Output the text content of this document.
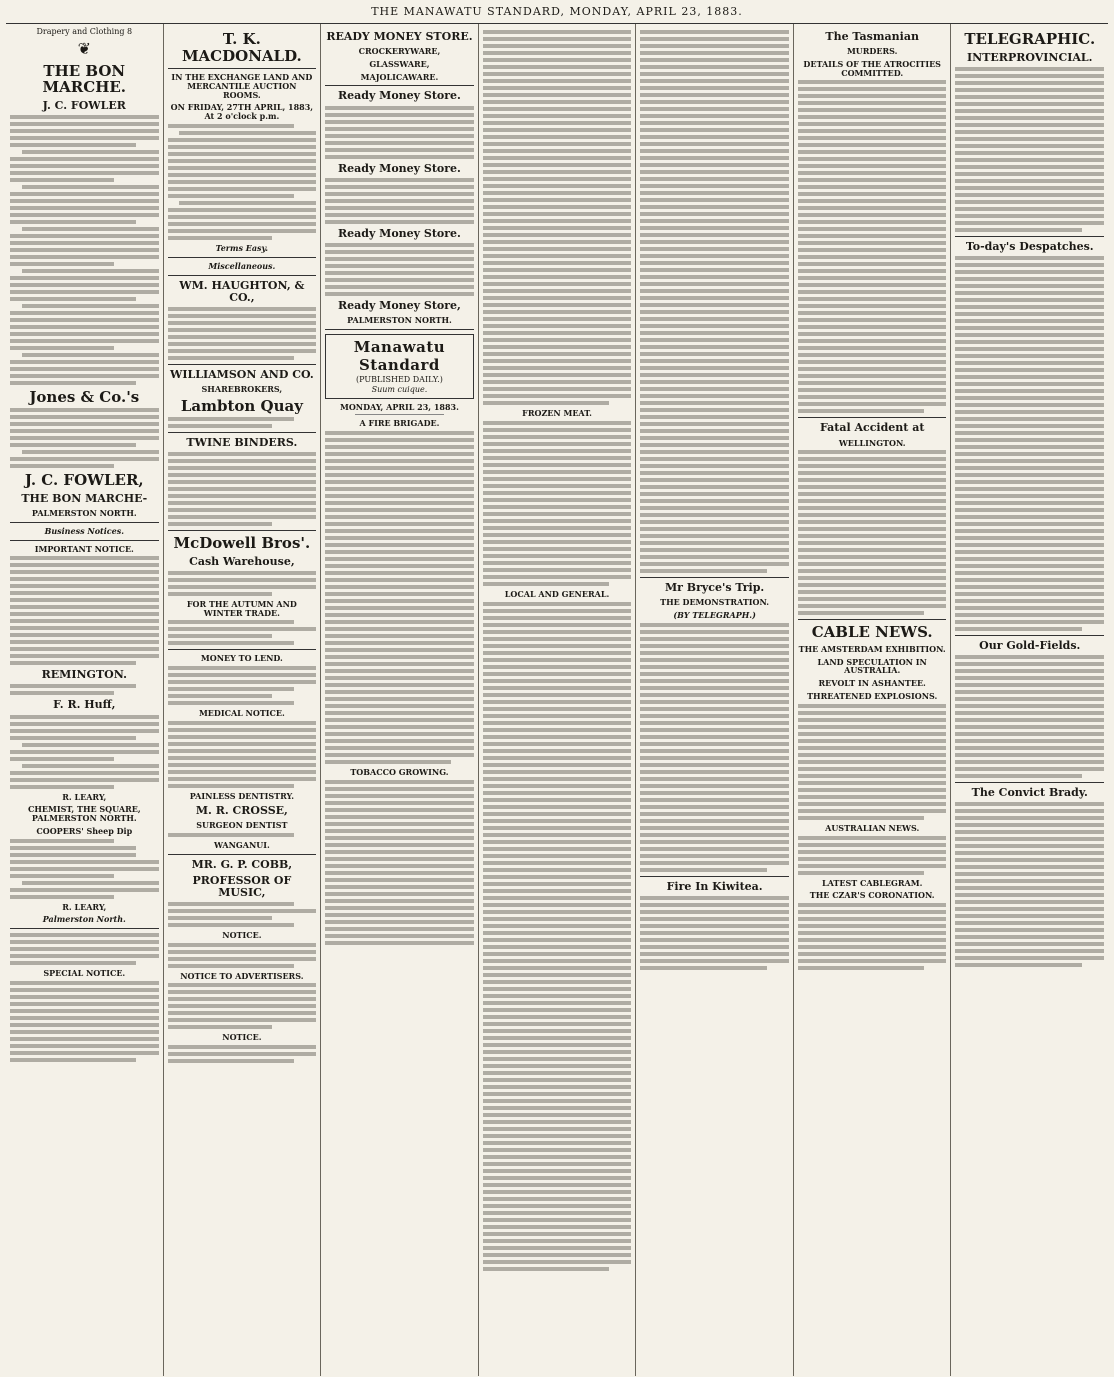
THE MANAWATU STANDARD, MONDAY, APRIL 23, 1883.
Drapery and Clothing 8
❦
THE BON MARCHE.
J. C. FOWLER
Jones & Co.'s
J. C. FOWLER,
THE BON MARCHE-
PALMERSTON NORTH.
Business Notices.
IMPORTANT NOTICE.
REMINGTON.
F. R. Huff,
R. LEARY,
CHEMIST, THE SQUARE, PALMERSTON NORTH.
COOPERS' Sheep Dip
R. LEARY,
Palmerston North.
SPECIAL NOTICE.
T. K. MACDONALD.
IN THE EXCHANGE LAND AND MERCANTILE AUCTION ROOMS.
ON FRIDAY, 27TH APRIL, 1883, At 2 o'clock p.m.
Terms Easy.
Miscellaneous.
WM. HAUGHTON, & CO.,
WILLIAMSON AND CO.
SHAREBROKERS,
Lambton Quay
TWINE BINDERS.
McDowell Bros'.
Cash Warehouse,
FOR THE AUTUMN AND WINTER TRADE.
MONEY TO LEND.
MEDICAL NOTICE.
PAINLESS DENTISTRY.
M. R. CROSSE,
SURGEON DENTIST
WANGANUI.
MR. G. P. COBB,
PROFESSOR OF MUSIC,
NOTICE.
NOTICE TO ADVERTISERS.
NOTICE.
READY MONEY STORE.
CROCKERYWARE,
GLASSWARE,
MAJOLICAWARE.
Ready Money Store.
Ready Money Store.
Ready Money Store.
Ready Money Store,
PALMERSTON NORTH.
Manawatu Standard
(PUBLISHED DAILY.)
Suum cuique.
MONDAY, APRIL 23, 1883.
A FIRE BRIGADE.
TOBACCO GROWING.
FROZEN MEAT.
LOCAL AND GENERAL.	Mr Bryce's Trip.
THE DEMONSTRATION.
(BY TELEGRAPH.)
Fire In Kiwitea.
The Tasmanian
MURDERS.
DETAILS OF THE ATROCITIES COMMITTED.
Fatal Accident at
WELLINGTON.
CABLE NEWS.
THE AMSTERDAM EXHIBITION.
LAND SPECULATION IN AUSTRALIA.
REVOLT IN ASHANTEE.
THREATENED EXPLOSIONS.
AUSTRALIAN NEWS.
LATEST CABLEGRAM.
THE CZAR'S CORONATION.
TELEGRAPHIC.
INTERPROVINCIAL.
To-day's Despatches.
Our Gold-Fields.
The Convict Brady.
